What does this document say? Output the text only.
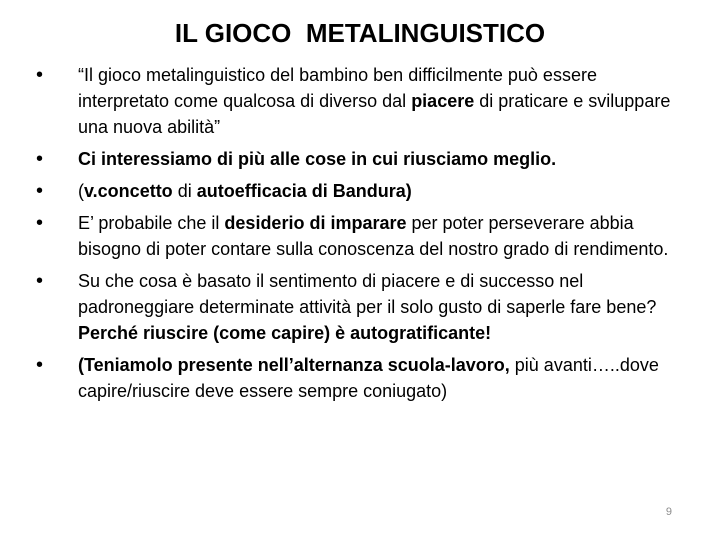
IL GIOCO  METALINGUISTICO
•	“Il gioco metalinguistico del bambino ben difficilmente può essere interpretato come qualcosa di diverso dal piacere di praticare e sviluppare una nuova abilità”
•	Ci interessiamo di più alle cose in cui riusciamo meglio.
•	(v.concetto di autoefficacia di Bandura)
•	E’ probabile che il desiderio di imparare per poter perseverare abbia bisogno di poter contare sulla conoscenza del nostro grado di rendimento.
•	Su che cosa è basato il sentimento di piacere e di successo nel padroneggiare determinate attività per il solo gusto di saperle fare bene? Perché riuscire (come capire) è autogratificante!
•	(Teniamolo presente nell’alternanza scuola-lavoro, più avanti…..dove capire/riuscire deve essere sempre coniugato)
9
